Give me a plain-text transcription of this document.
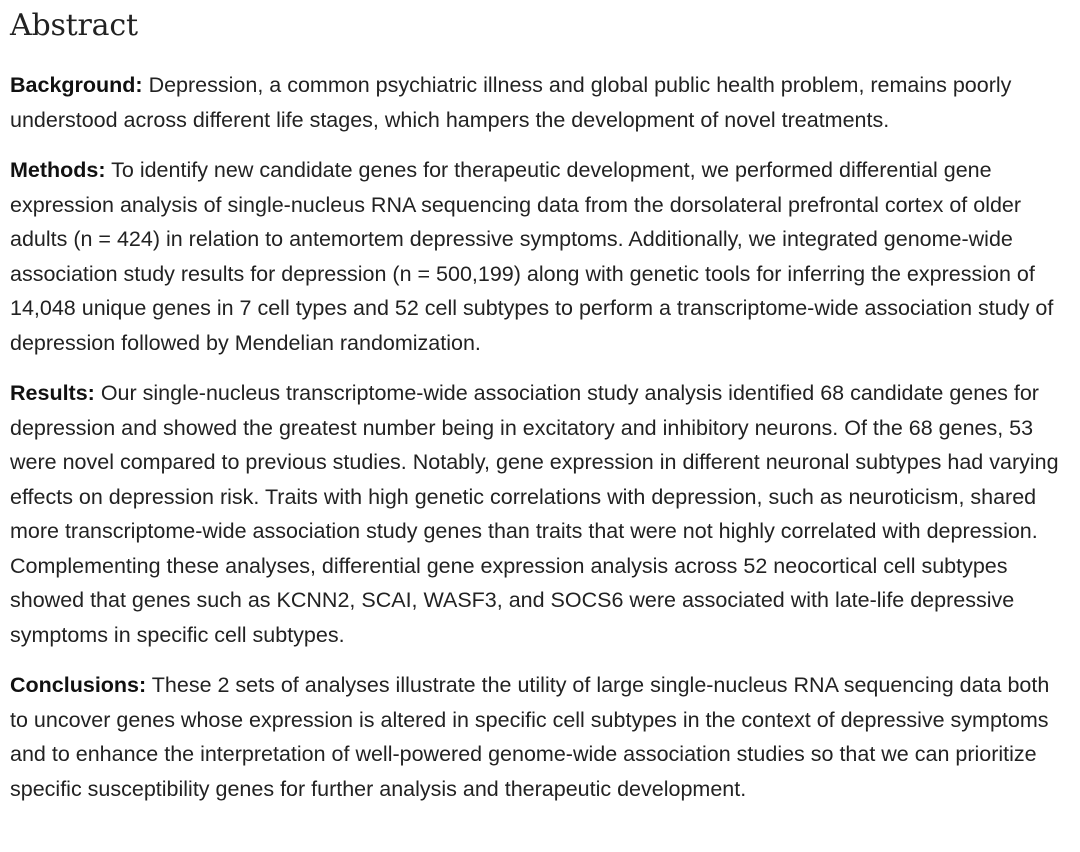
Abstract

Background: Depression, a common psychiatric illness and global public health problem, remains poorly understood across different life stages, which hampers the development of novel treatments.

Methods: To identify new candidate genes for therapeutic development, we performed differential gene expression analysis of single-nucleus RNA sequencing data from the dorsolateral prefrontal cortex of older adults (n = 424) in relation to antemortem depressive symptoms. Additionally, we integrated genome-wide association study results for depression (n = 500,199) along with genetic tools for inferring the expression of 14,048 unique genes in 7 cell types and 52 cell subtypes to perform a transcriptome-wide association study of depression followed by Mendelian randomization.

Results: Our single-nucleus transcriptome-wide association study analysis identified 68 candidate genes for depression and showed the greatest number being in excitatory and inhibitory neurons. Of the 68 genes, 53 were novel compared to previous studies. Notably, gene expression in different neuronal subtypes had varying effects on depression risk. Traits with high genetic correlations with depression, such as neuroticism, shared more transcriptome-wide association study genes than traits that were not highly correlated with depression. Complementing these analyses, differential gene expression analysis across 52 neocortical cell subtypes showed that genes such as KCNN2, SCAI, WASF3, and SOCS6 were associated with late-life depressive symptoms in specific cell subtypes.

Conclusions: These 2 sets of analyses illustrate the utility of large single-nucleus RNA sequencing data both to uncover genes whose expression is altered in specific cell subtypes in the context of depressive symptoms and to enhance the interpretation of well-powered genome-wide association studies so that we can prioritize specific susceptibility genes for further analysis and therapeutic development.
